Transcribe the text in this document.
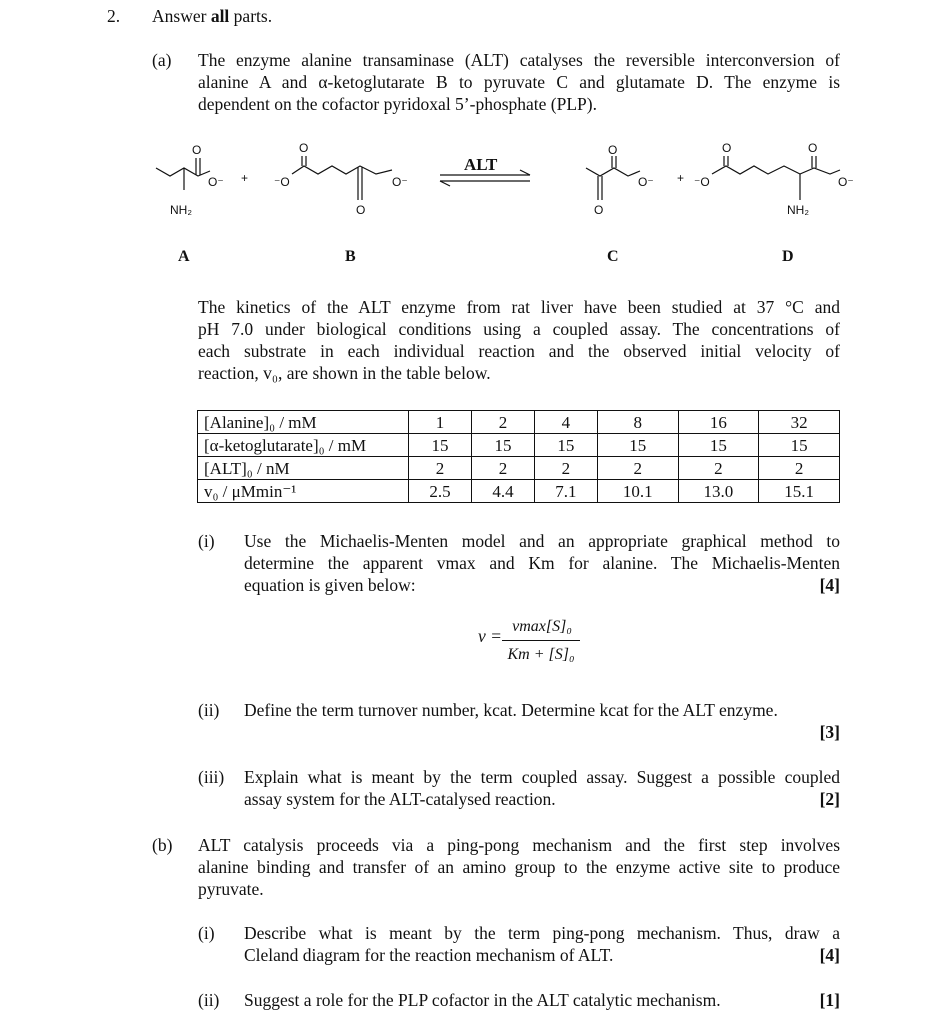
2. Answer all parts.
(a) The enzyme alanine transaminase (ALT) catalyses the reversible interconversion of
alanine A and α-ketoglutarate B to pyruvate C and glutamate D. The enzyme is
dependent on the cofactor pyridoxal 5’-phosphate (PLP).
O
O⁻
NH₂
+ ⁻O
O
O
O⁻
ALT
O
O⁻
O
+ ⁻O
O	O
O⁻
NH₂
A	B	C	D
The kinetics of the ALT enzyme from rat liver have been studied at 37 °C and
pH 7.0 under biological conditions using a coupled assay. The concentrations of
each substrate in each individual reaction and the observed initial velocity of
reaction, v₀, are shown in the table below.
[Alanine]₀ / mM	1	2	4	8	16	32
[α-ketoglutarate]₀ / mM	15	15	15	15	15	15
[ALT]₀ / nM	2	2	2	2	2	2
v₀ / μMmin⁻¹	2.5	4.4	7.1	10.1	13.0	15.1
(i) Use the Michaelis-Menten model and an appropriate graphical method to
determine the apparent vmax and Km for alanine. The Michaelis-Menten
equation is given below:	[4]
v = vmax[S]₀
Km + [S]₀
(ii) Define the term turnover number, kcat. Determine kcat for the ALT enzyme.
[3]
(iii) Explain what is meant by the term coupled assay. Suggest a possible coupled
assay system for the ALT-catalysed reaction.	[2]
(b) ALT catalysis proceeds via a ping-pong mechanism and the first step involves
alanine binding and transfer of an amino group to the enzyme active site to produce
pyruvate.
(i) Describe what is meant by the term ping-pong mechanism. Thus, draw a
Cleland diagram for the reaction mechanism of ALT.	[4]
(ii) Suggest a role for the PLP cofactor in the ALT catalytic mechanism.	[1]
